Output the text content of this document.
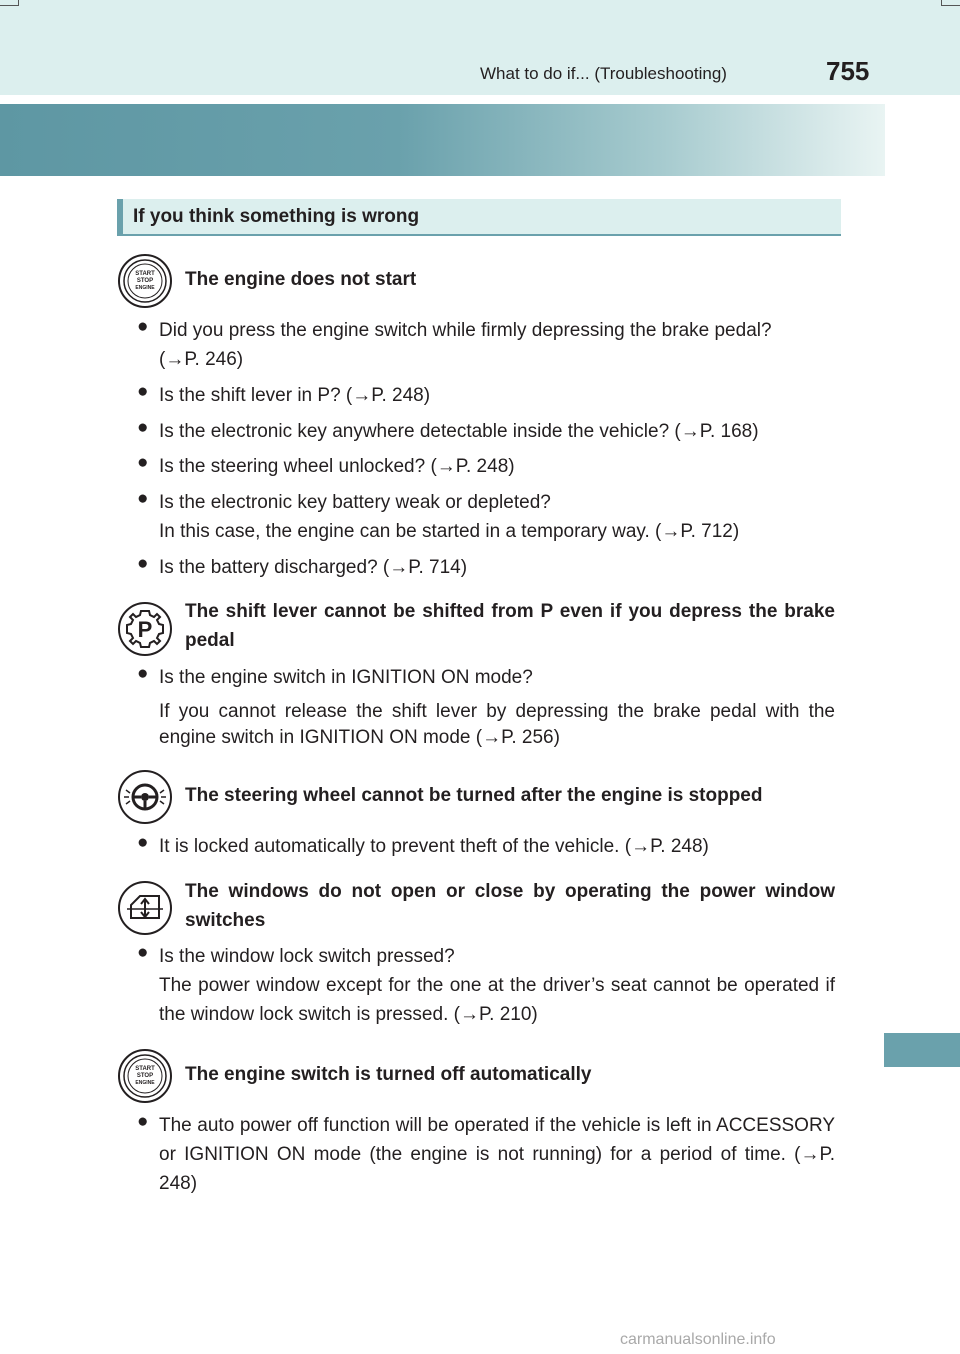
What to do if... (Troubleshooting)	755
If you think something is wrong
START
STOP
ENGINE The engine does not start
● Did you press the engine switch while firmly depressing the brake pedal?
(→P. 246)
● Is the shift lever in P? (→P. 248)
● Is the electronic key anywhere detectable inside the vehicle? (→P. 168)
● Is the steering wheel unlocked? (→P. 248)
● Is the electronic key battery weak or depleted?
In this case, the engine can be started in a temporary way. (→P. 712)
● Is the battery discharged? (→P. 714)
P
The shift lever cannot be shifted from P even if you depress the brake pedal
● Is the engine switch in IGNITION ON mode?
If you cannot release the shift lever by depressing the brake pedal with the engine switch in IGNITION ON mode (→P. 256)
The steering wheel cannot be turned after the engine is stopped
● It is locked automatically to prevent theft of the vehicle. (→P. 248)
The windows do not open or close by operating the power window switches
● Is the window lock switch pressed?
The power window except for the one at the driver’s seat cannot be operated if the window lock switch is pressed. (→P. 210)
START
STOP
ENGINE The engine switch is turned off automatically
● The auto power off function will be operated if the vehicle is left in ACCESSORY or IGNITION ON mode (the engine is not running) for a period of time. (→P. 248)
carmanualsonline.info
